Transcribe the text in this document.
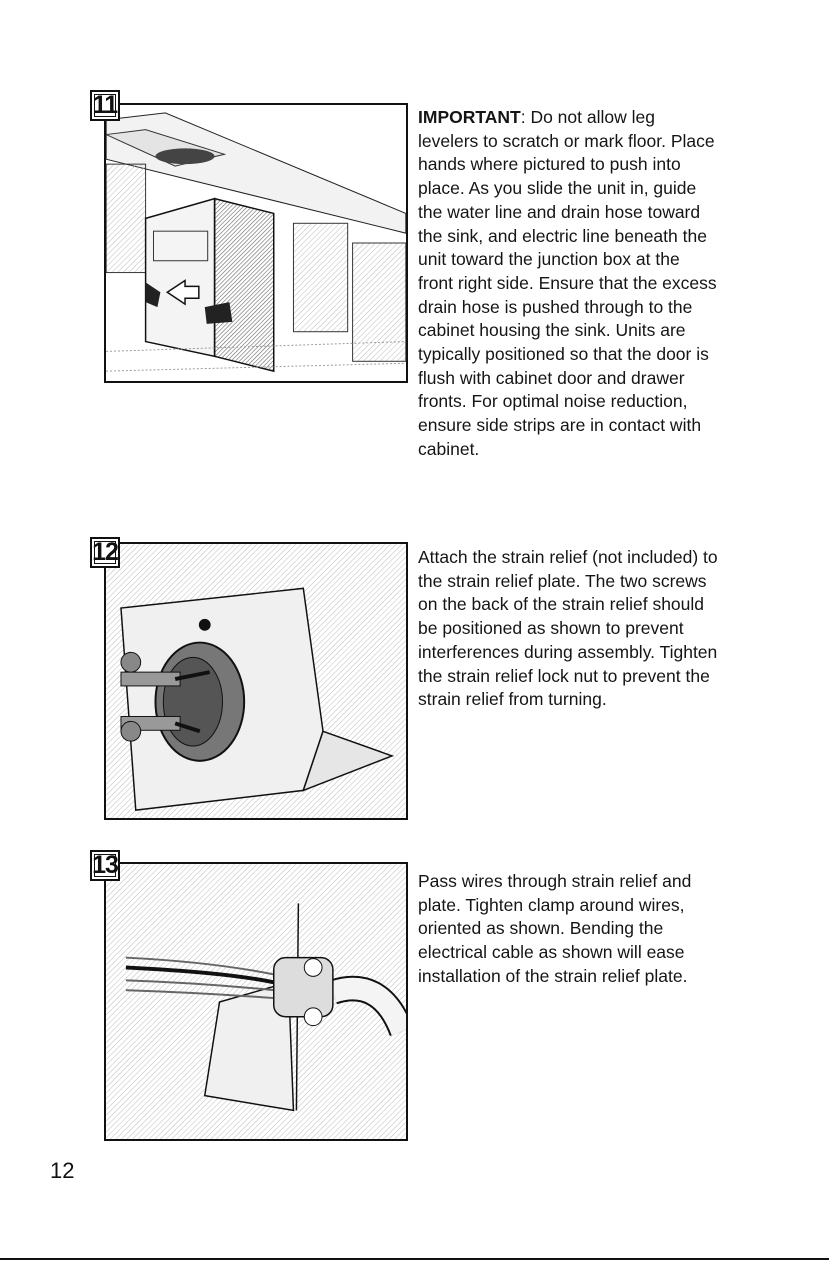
11	IMPORTANT: Do not allow leg levelers to scratch or mark floor. Place hands where pictured to push into place. As you slide the unit in, guide the water line and drain hose toward the sink, and electric line beneath the unit toward the junction box at the front right side. Ensure that the excess drain hose is pushed through to the cabinet housing the sink. Units are typically positioned so that the door is flush with cabinet door and drawer fronts. For optimal noise reduction, ensure side strips are in contact with cabinet.

12	Attach the strain relief (not included) to the strain relief plate. The two screws on the back of the strain relief should be positioned as shown to prevent interferences during assembly. Tighten the strain relief lock nut to prevent the strain relief from turning.

13

Pass wires through strain relief and plate. Tighten clamp around wires, oriented as shown. Bending the electrical cable as shown will ease installation of the strain relief plate.

12
